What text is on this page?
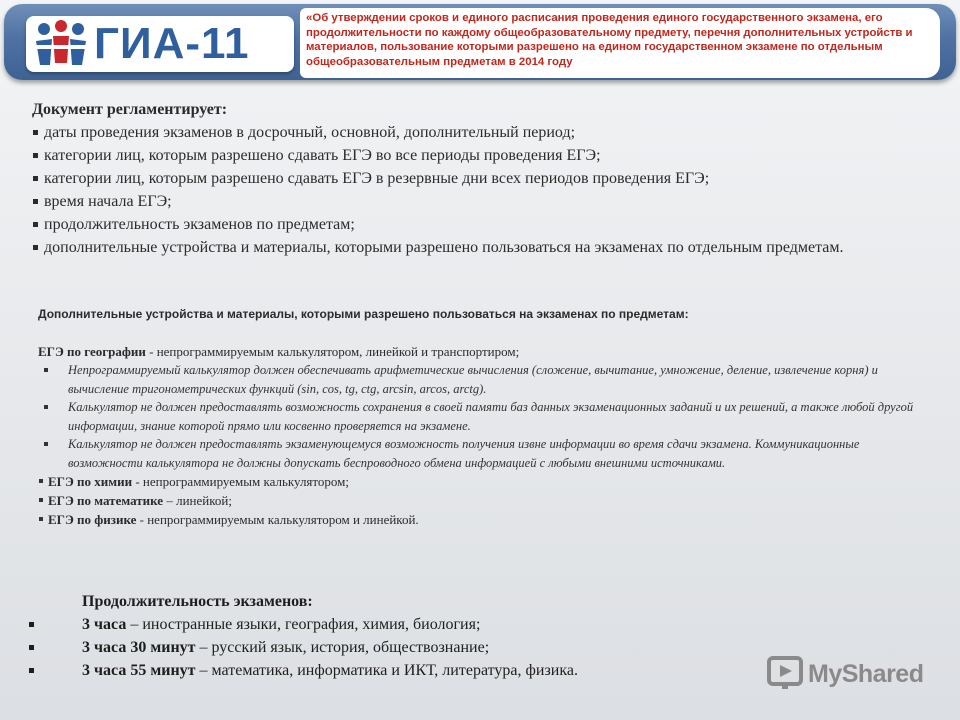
ГИА-11
«Об утверждении сроков и единого расписания проведения единого государственного экзамена, его продолжительности по каждому общеобразовательному предмету, перечня дополнительных устройств и материалов, пользование которыми разрешено на едином государственном экзамене по отдельным общеобразовательным предметам в 2014 году
Документ регламентирует:
даты проведения экзаменов в досрочный, основной, дополнительный период;
категории лиц, которым разрешено сдавать ЕГЭ во все периоды проведения ЕГЭ;
категории лиц, которым разрешено сдавать ЕГЭ в резервные дни всех периодов проведения ЕГЭ;
время начала ЕГЭ;
продолжительность экзаменов по предметам;
дополнительные устройства и материалы, которыми разрешено пользоваться на экзаменах по отдельным предметам.
Дополнительные устройства и материалы, которыми разрешено пользоваться на экзаменах по предметам:
ЕГЭ по географии - непрограммируемым калькулятором, линейкой и транспортиром;
Непрограммируемый калькулятор должен обеспечивать арифметические вычисления (сложение, вычитание, умножение, деление, извлечение корня) и вычисление тригонометрических функций (sin, cos, tg, ctg, arcsin, arcos, arctg).
Калькулятор не должен предоставлять возможность сохранения в своей памяти баз данных экзаменационных заданий и их решений, а также любой другой информации, знание которой прямо или косвенно проверяется на экзамене.
Калькулятор не должен предоставлять экзаменующемуся возможность получения извне информации во время сдачи экзамена. Коммуникационные возможности калькулятора не должны допускать беспроводного обмена информацией с любыми внешними источниками.
ЕГЭ по химии - непрограммируемым калькулятором;
ЕГЭ по математике – линейкой;
ЕГЭ по физике - непрограммируемым калькулятором и линейкой.
Продолжительность экзаменов:
3 часа – иностранные языки, география, химия, биология;
3 часа 30 минут – русский язык, история, обществознание;
3 часа 55 минут – математика, информатика и ИКТ, литература, физика.	MyShared
